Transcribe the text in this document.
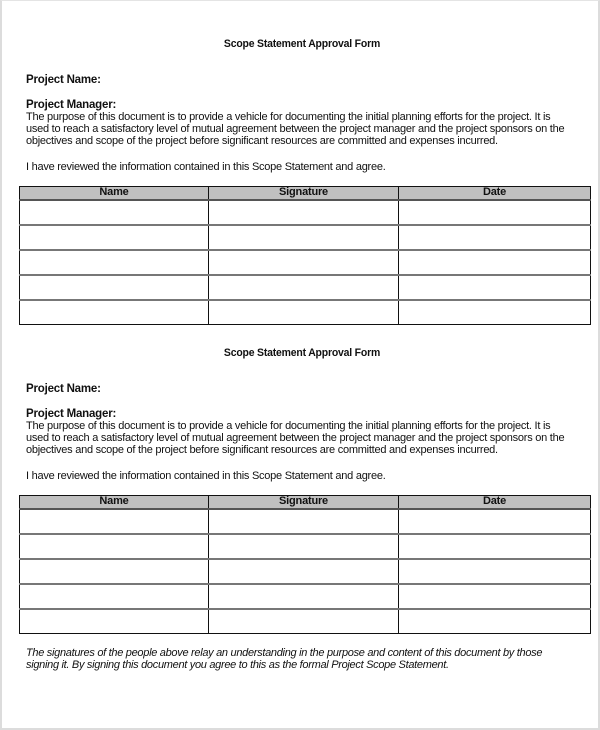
Scope Statement Approval Form
Project Name:
Project Manager:
The purpose of this document is to provide a vehicle for documenting the initial planning efforts for the project. It is
used to reach a satisfactory level of mutual agreement between the project manager and the project sponsors on the
objectives and scope of the project before significant resources are committed and expenses incurred.
I have reviewed the information contained in this Scope Statement and agree.
Name	Signature	Date

Scope Statement Approval Form
Project Name:
Project Manager:
The purpose of this document is to provide a vehicle for documenting the initial planning efforts for the project. It is
used to reach a satisfactory level of mutual agreement between the project manager and the project sponsors on the
objectives and scope of the project before significant resources are committed and expenses incurred.
I have reviewed the information contained in this Scope Statement and agree.
Name	Signature	Date

The signatures of the people above relay an understanding in the purpose and content of this document by those
signing it. By signing this document you agree to this as the formal Project Scope Statement.
